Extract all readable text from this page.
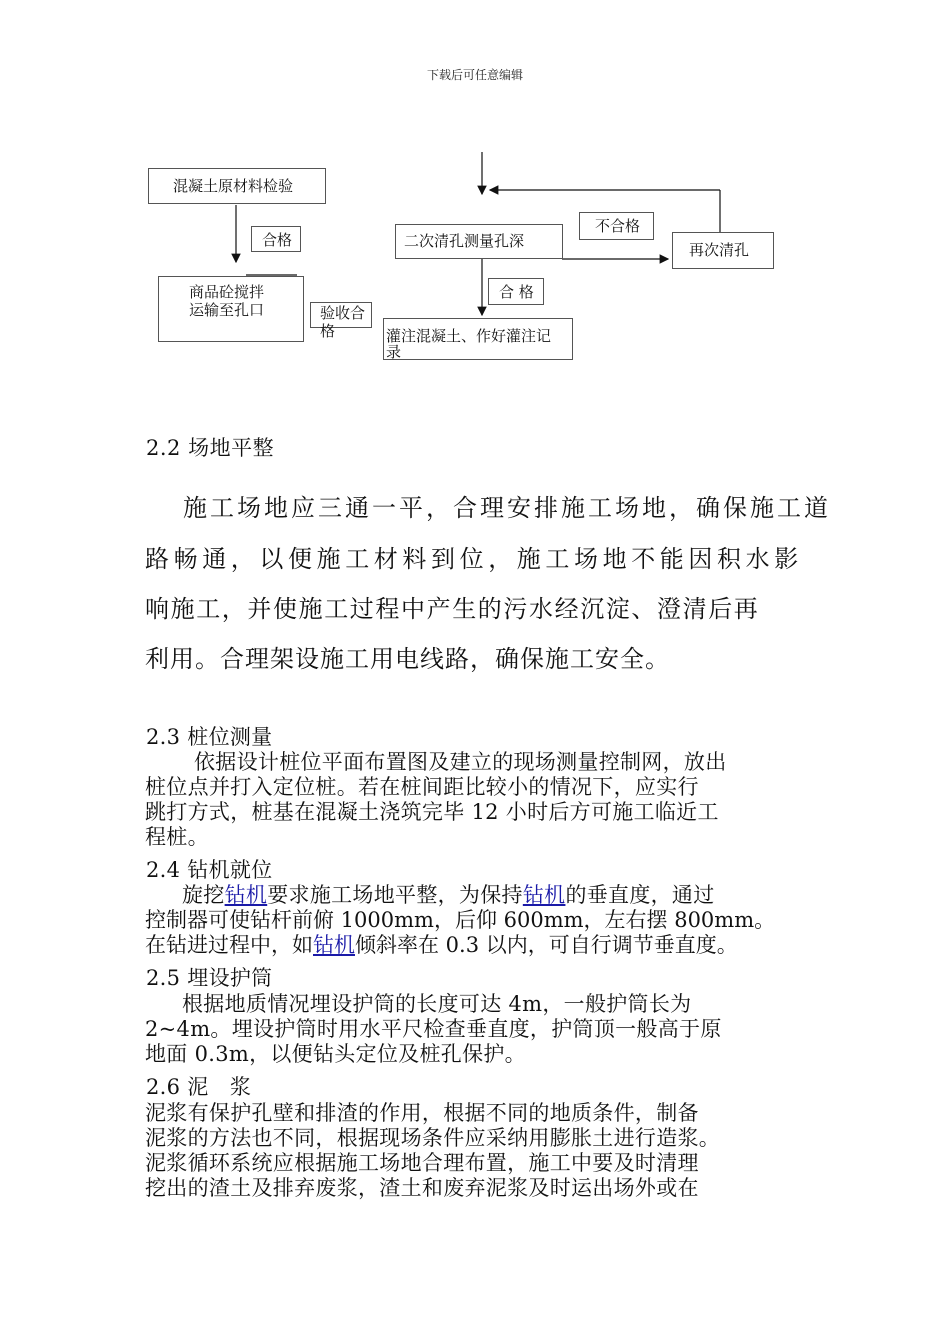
下载后可任意编辑
混凝土原材料检验
合格
商品砼搅拌
运输至孔口	验收合格
二次清孔测量孔深
不合格
再次清孔
合 格
灌注混凝土、作好灌注记
录
2.2 场地平整
施工场地应三通一平，合理安排施工场地，确保施工道
路畅通，以便施工材料到位，施工场地不能因积水影
响施工，并使施工过程中产生的污水经沉淀、澄清后再
利用。合理架设施工用电线路，确保施工安全。
2.3 桩位测量
依据设计桩位平面布置图及建立的现场测量控制网，放出
桩位点并打入定位桩。若在桩间距比较小的情况下，应实行
跳打方式，桩基在混凝土浇筑完毕 12 小时后方可施工临近工
程桩。
2.4 钻机就位
旋挖钻机要求施工场地平整，为保持钻机的垂直度，通过
控制器可使钻杆前俯 1000mm，后仰 600mm，左右摆 800mm。
在钻进过程中，如钻机倾斜率在 0.3 以内，可自行调节垂直度。
2.5 埋设护筒
根据地质情况埋设护筒的长度可达 4m，一般护筒长为
2~4m。埋设护筒时用水平尺检查垂直度，护筒顶一般高于原
地面 0.3m，以便钻头定位及桩孔保护。
2.6 泥　浆
泥浆有保护孔壁和排渣的作用，根据不同的地质条件，制备
泥浆的方法也不同，根据现场条件应采纳用膨胀土进行造浆。
泥浆循环系统应根据施工场地合理布置，施工中要及时清理
挖出的渣土及排弃废浆，渣土和废弃泥浆及时运出场外或在
